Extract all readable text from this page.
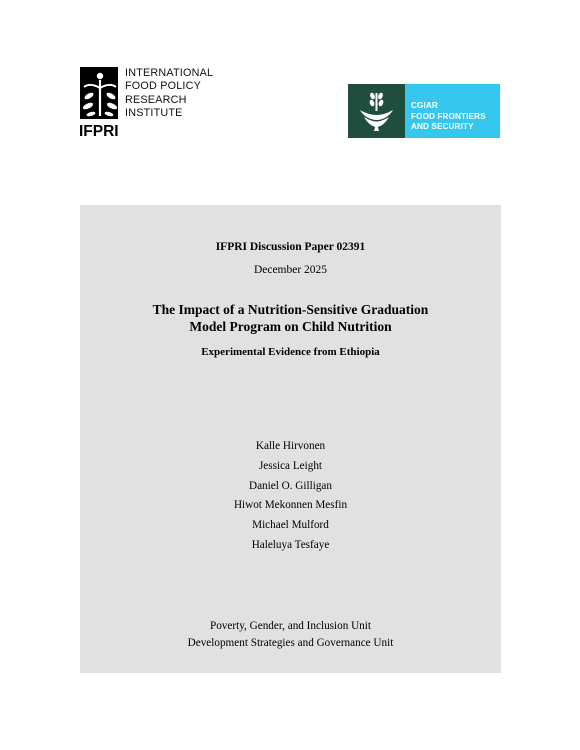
IFPRI
INTERNATIONAL
FOOD POLICY
RESEARCH
INSTITUTE
CGIAR
FOOD FRONTIERS
AND SECURITY
IFPRI Discussion Paper 02391
December 2025
The Impact of a Nutrition-Sensitive Graduation
Model Program on Child Nutrition
Experimental Evidence from Ethiopia
Kalle Hirvonen
Jessica Leight
Daniel O. Gilligan
Hiwot Mekonnen Mesfin
Michael Mulford
Haleluya Tesfaye
Poverty, Gender, and Inclusion Unit
Development Strategies and Governance Unit
